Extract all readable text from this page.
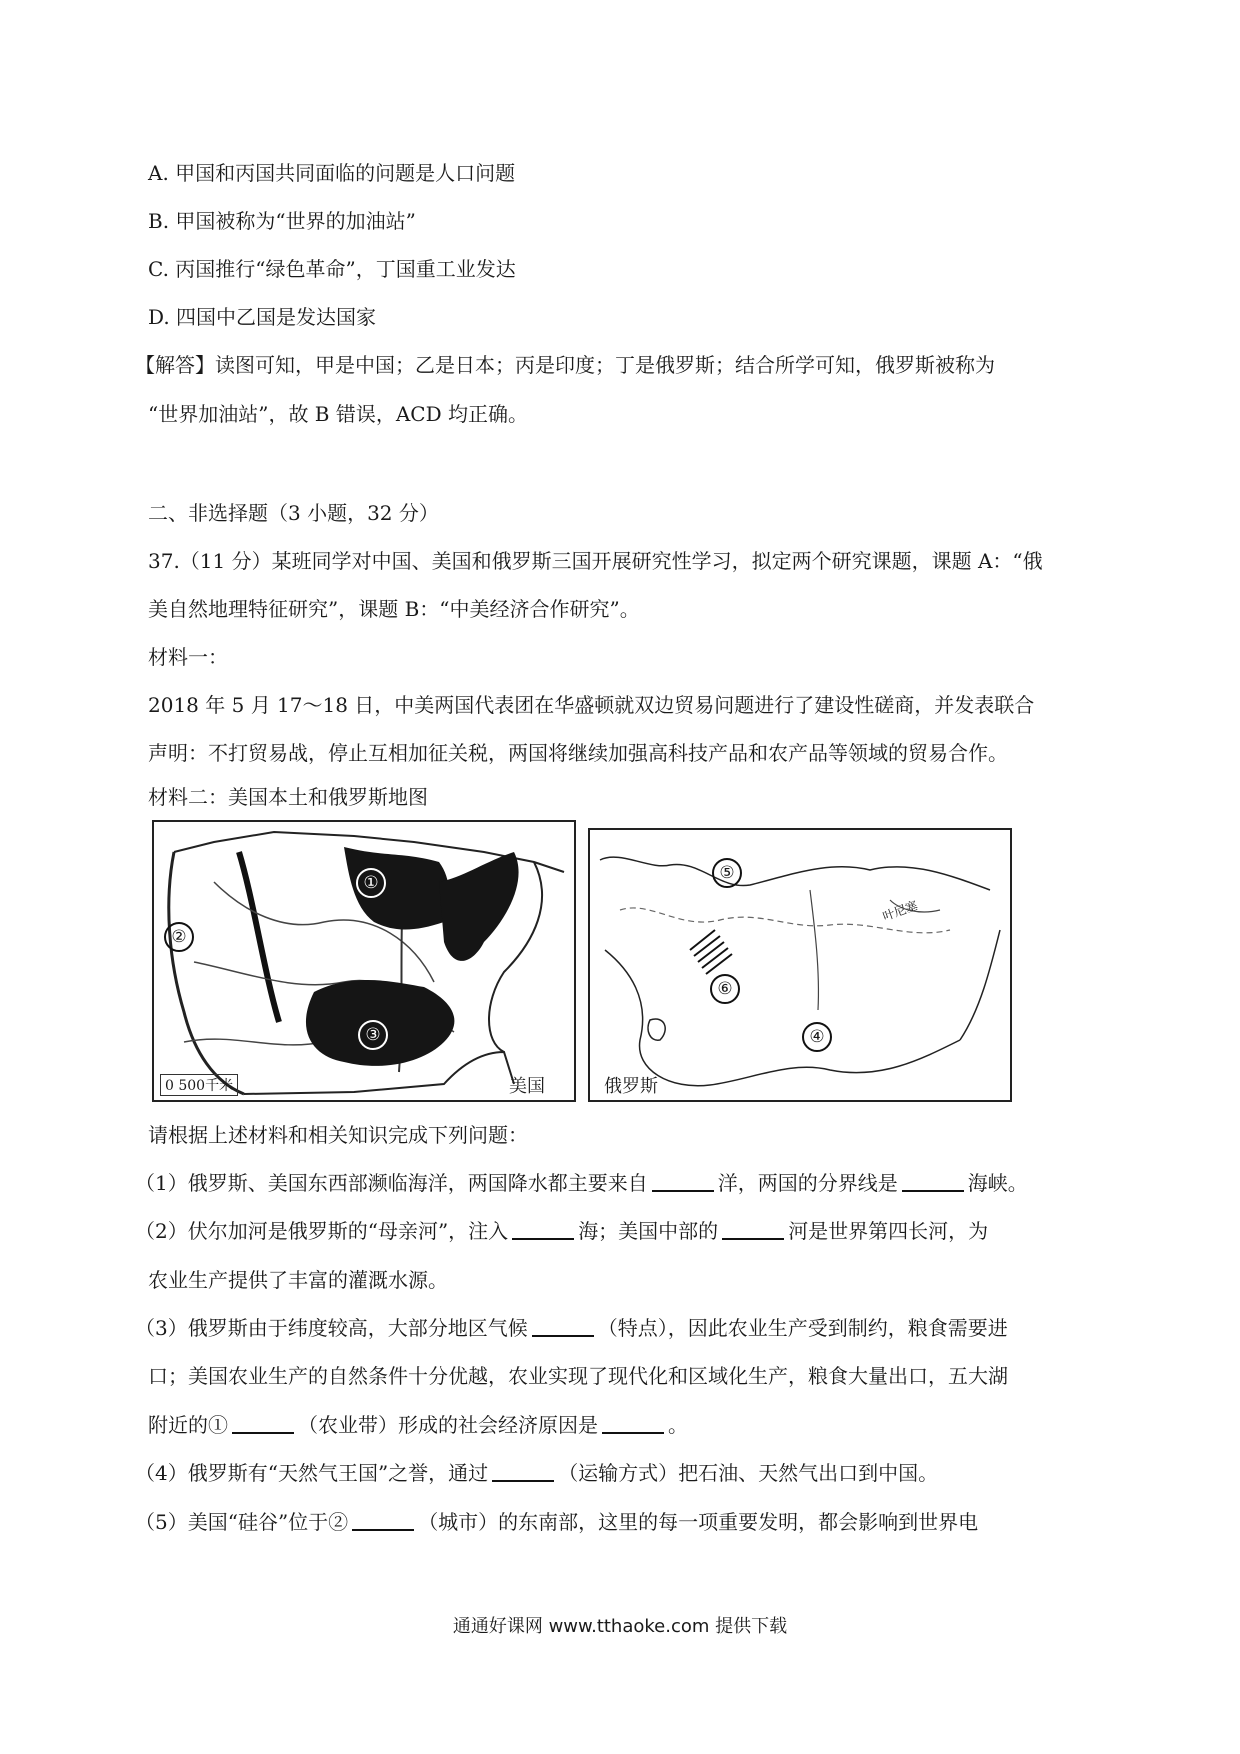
A. 甲国和丙国共同面临的问题是人口问题
B. 甲国被称为“世界的加油站”
C. 丙国推行“绿色革命”，丁国重工业发达
D. 四国中乙国是发达国家
【解答】读图可知，甲是中国；乙是日本；丙是印度；丁是俄罗斯；结合所学可知，俄罗斯被称为
“世界加油站”，故 B 错误，ACD 均正确。
二、非选择题（3 小题，32 分）
37.（11 分）某班同学对中国、美国和俄罗斯三国开展研究性学习，拟定两个研究课题，课题 A：“俄
美自然地理特征研究”，课题 B：“中美经济合作研究”。
材料一：
2018 年 5 月 17～18 日，中美两国代表团在华盛顿就双边贸易问题进行了建设性磋商，并发表联合
声明：不打贸易战，停止互相加征关税，两国将继续加强高科技产品和农产品等领域的贸易合作。
材料二：美国本土和俄罗斯地图
①
②
③
0 500千米	美国
⑤
⑥
④
叶尼塞
俄罗斯
请根据上述材料和相关知识完成下列问题：
（1）俄罗斯、美国东西部濒临海洋，两国降水都主要来自	洋，两国的分界线是	海峡。
（2）伏尔加河是俄罗斯的“母亲河”，注入	海；美国中部的	河是世界第四长河，为
农业生产提供了丰富的灌溉水源。
（3）俄罗斯由于纬度较高，大部分地区气候	（特点），因此农业生产受到制约，粮食需要进
口；美国农业生产的自然条件十分优越，农业实现了现代化和区域化生产，粮食大量出口，五大湖
附近的①	（农业带）形成的社会经济原因是	。
（4）俄罗斯有“天然气王国”之誉，通过	（运输方式）把石油、天然气出口到中国。
（5）美国“硅谷”位于②	（城市）的东南部，这里的每一项重要发明，都会影响到世界电
通通好课网 www.tthaoke.com 提供下载
